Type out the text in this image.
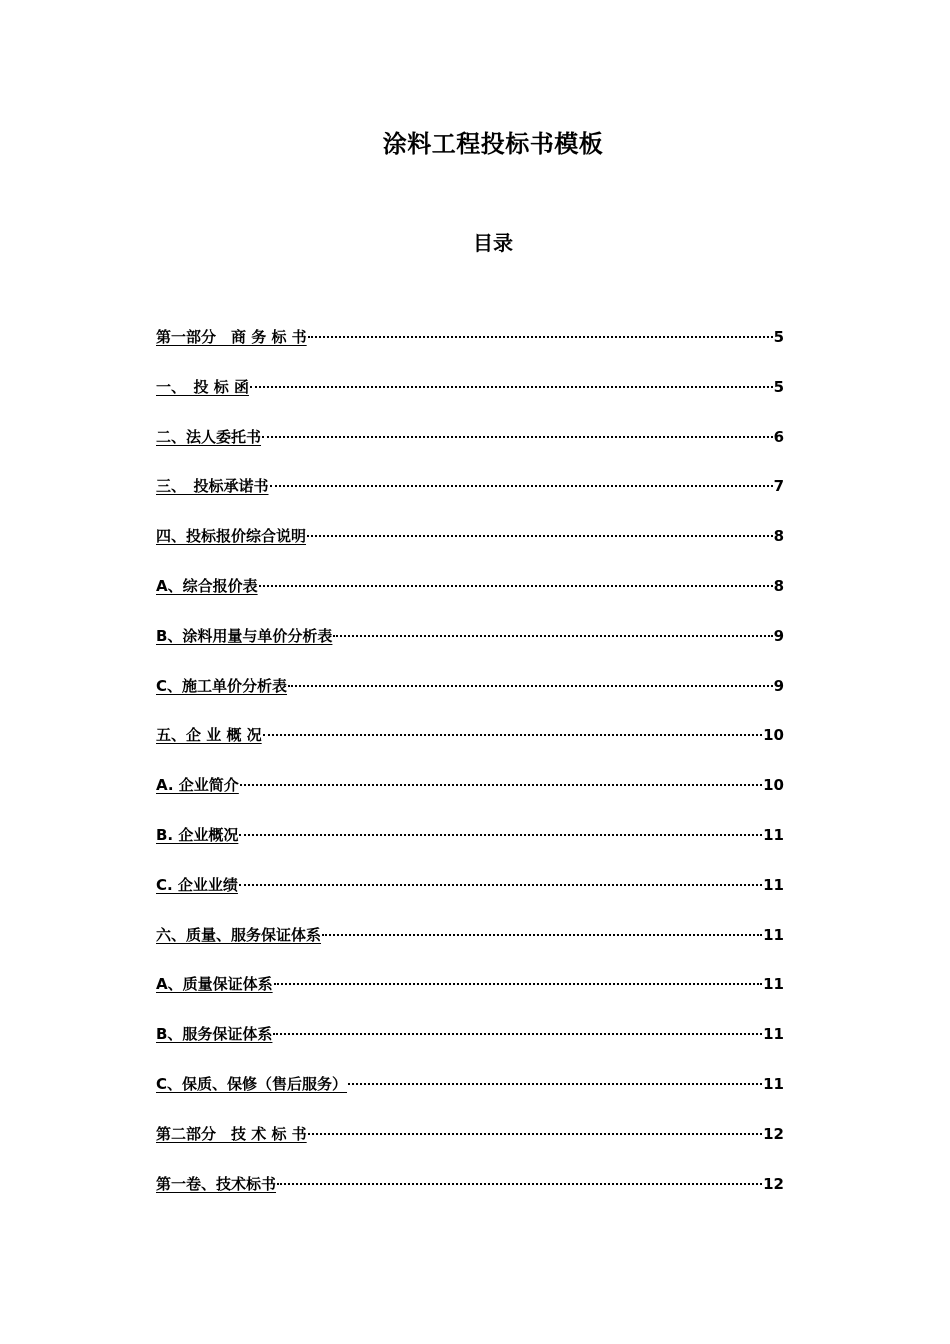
涂料工程投标书模板
目录
第一部分　商 务 标 书	5
一、　投 标 函	5
二、法人委托书	6
三、　投标承诺书	7
四、投标报价综合说明	8
A、综合报价表	8
B、涂料用量与单价分析表	9
C、施工单价分析表	9
五、企 业 概 况	10
A. 企业简介	10
B. 企业概况	11
C. 企业业绩	11
六、质量、服务保证体系	11
A、质量保证体系	11
B、服务保证体系	11
C、保质、保修（售后服务）	11
第二部分　技 术 标 书	12
第一卷、技术标书	12
